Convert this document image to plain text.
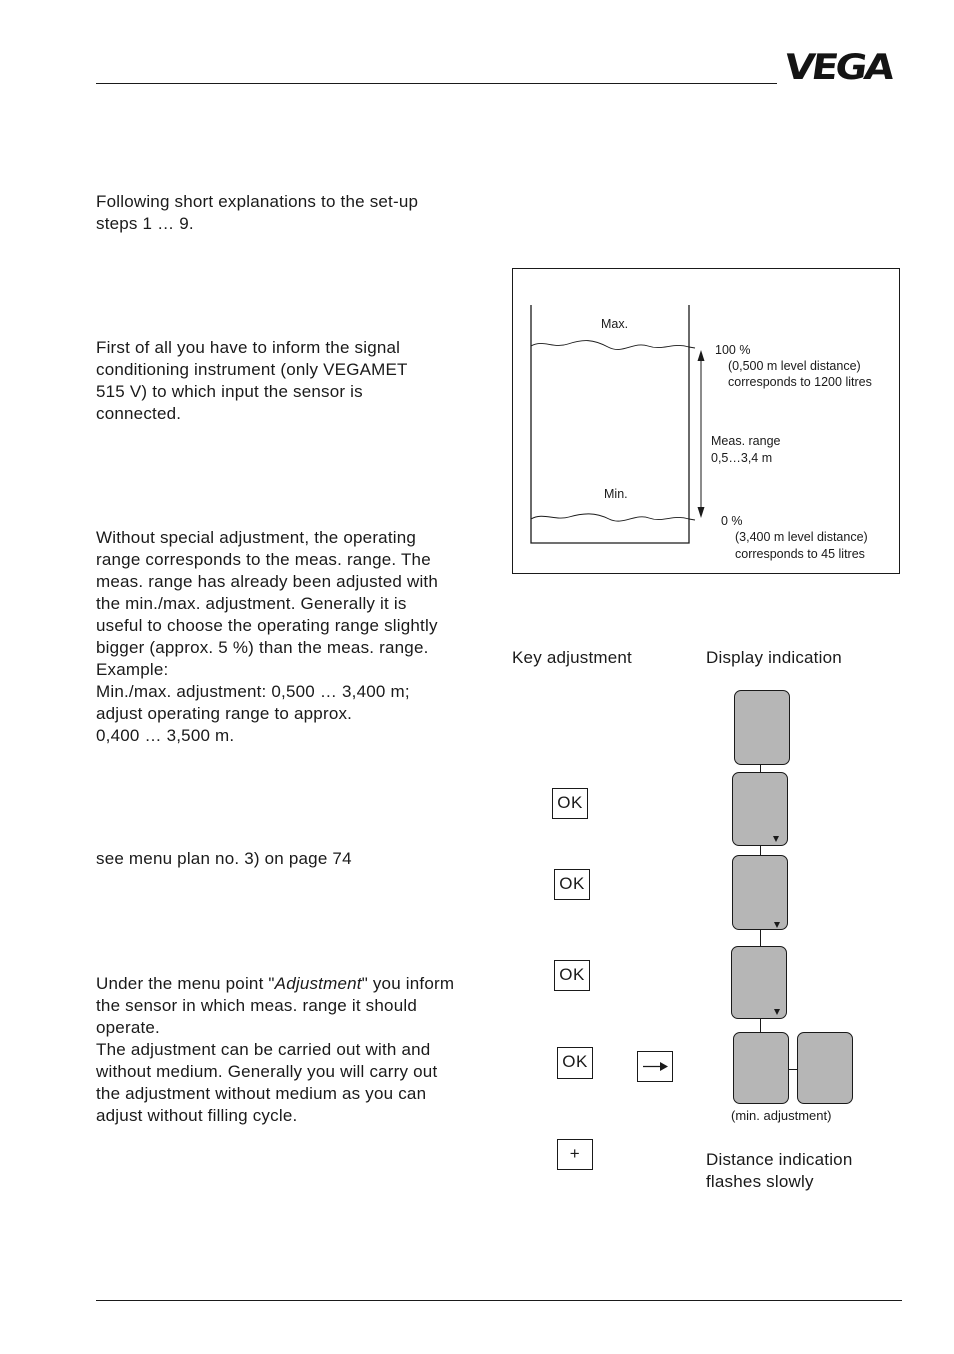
VEGA
Following short explanations to the set-up
steps 1 … 9.
First of all you have to inform the signal
conditioning instrument (only VEGAMET
515 V) to which input the sensor is
connected.
Without special adjustment, the operating
range corresponds to the meas. range. The
meas. range has already been adjusted with
the min./max. adjustment. Generally it is
useful to choose the operating range slightly
bigger (approx. 5 %) than the meas. range.
Example:
Min./max. adjustment: 0,500 … 3,400 m;
adjust operating range to approx.
0,400 … 3,500 m.
see menu plan no. 3) on page 74
Under the menu point "Adjustment" you inform
the sensor in which meas. range it should
operate.
The adjustment can be carried out with and
without medium. Generally you will carry out
the adjustment without medium as you can
adjust without filling cycle.
Max.
Min.
100 %
(0,500 m level distance)
corresponds to 1200 litres
Meas. range
0,5…3,4 m
0 %
(3,400 m level distance)
corresponds to 45 litres
Key adjustment	Display indication
(min. adjustment)
OK
OK
OK
OK
+	Distance indication
flashes slowly
